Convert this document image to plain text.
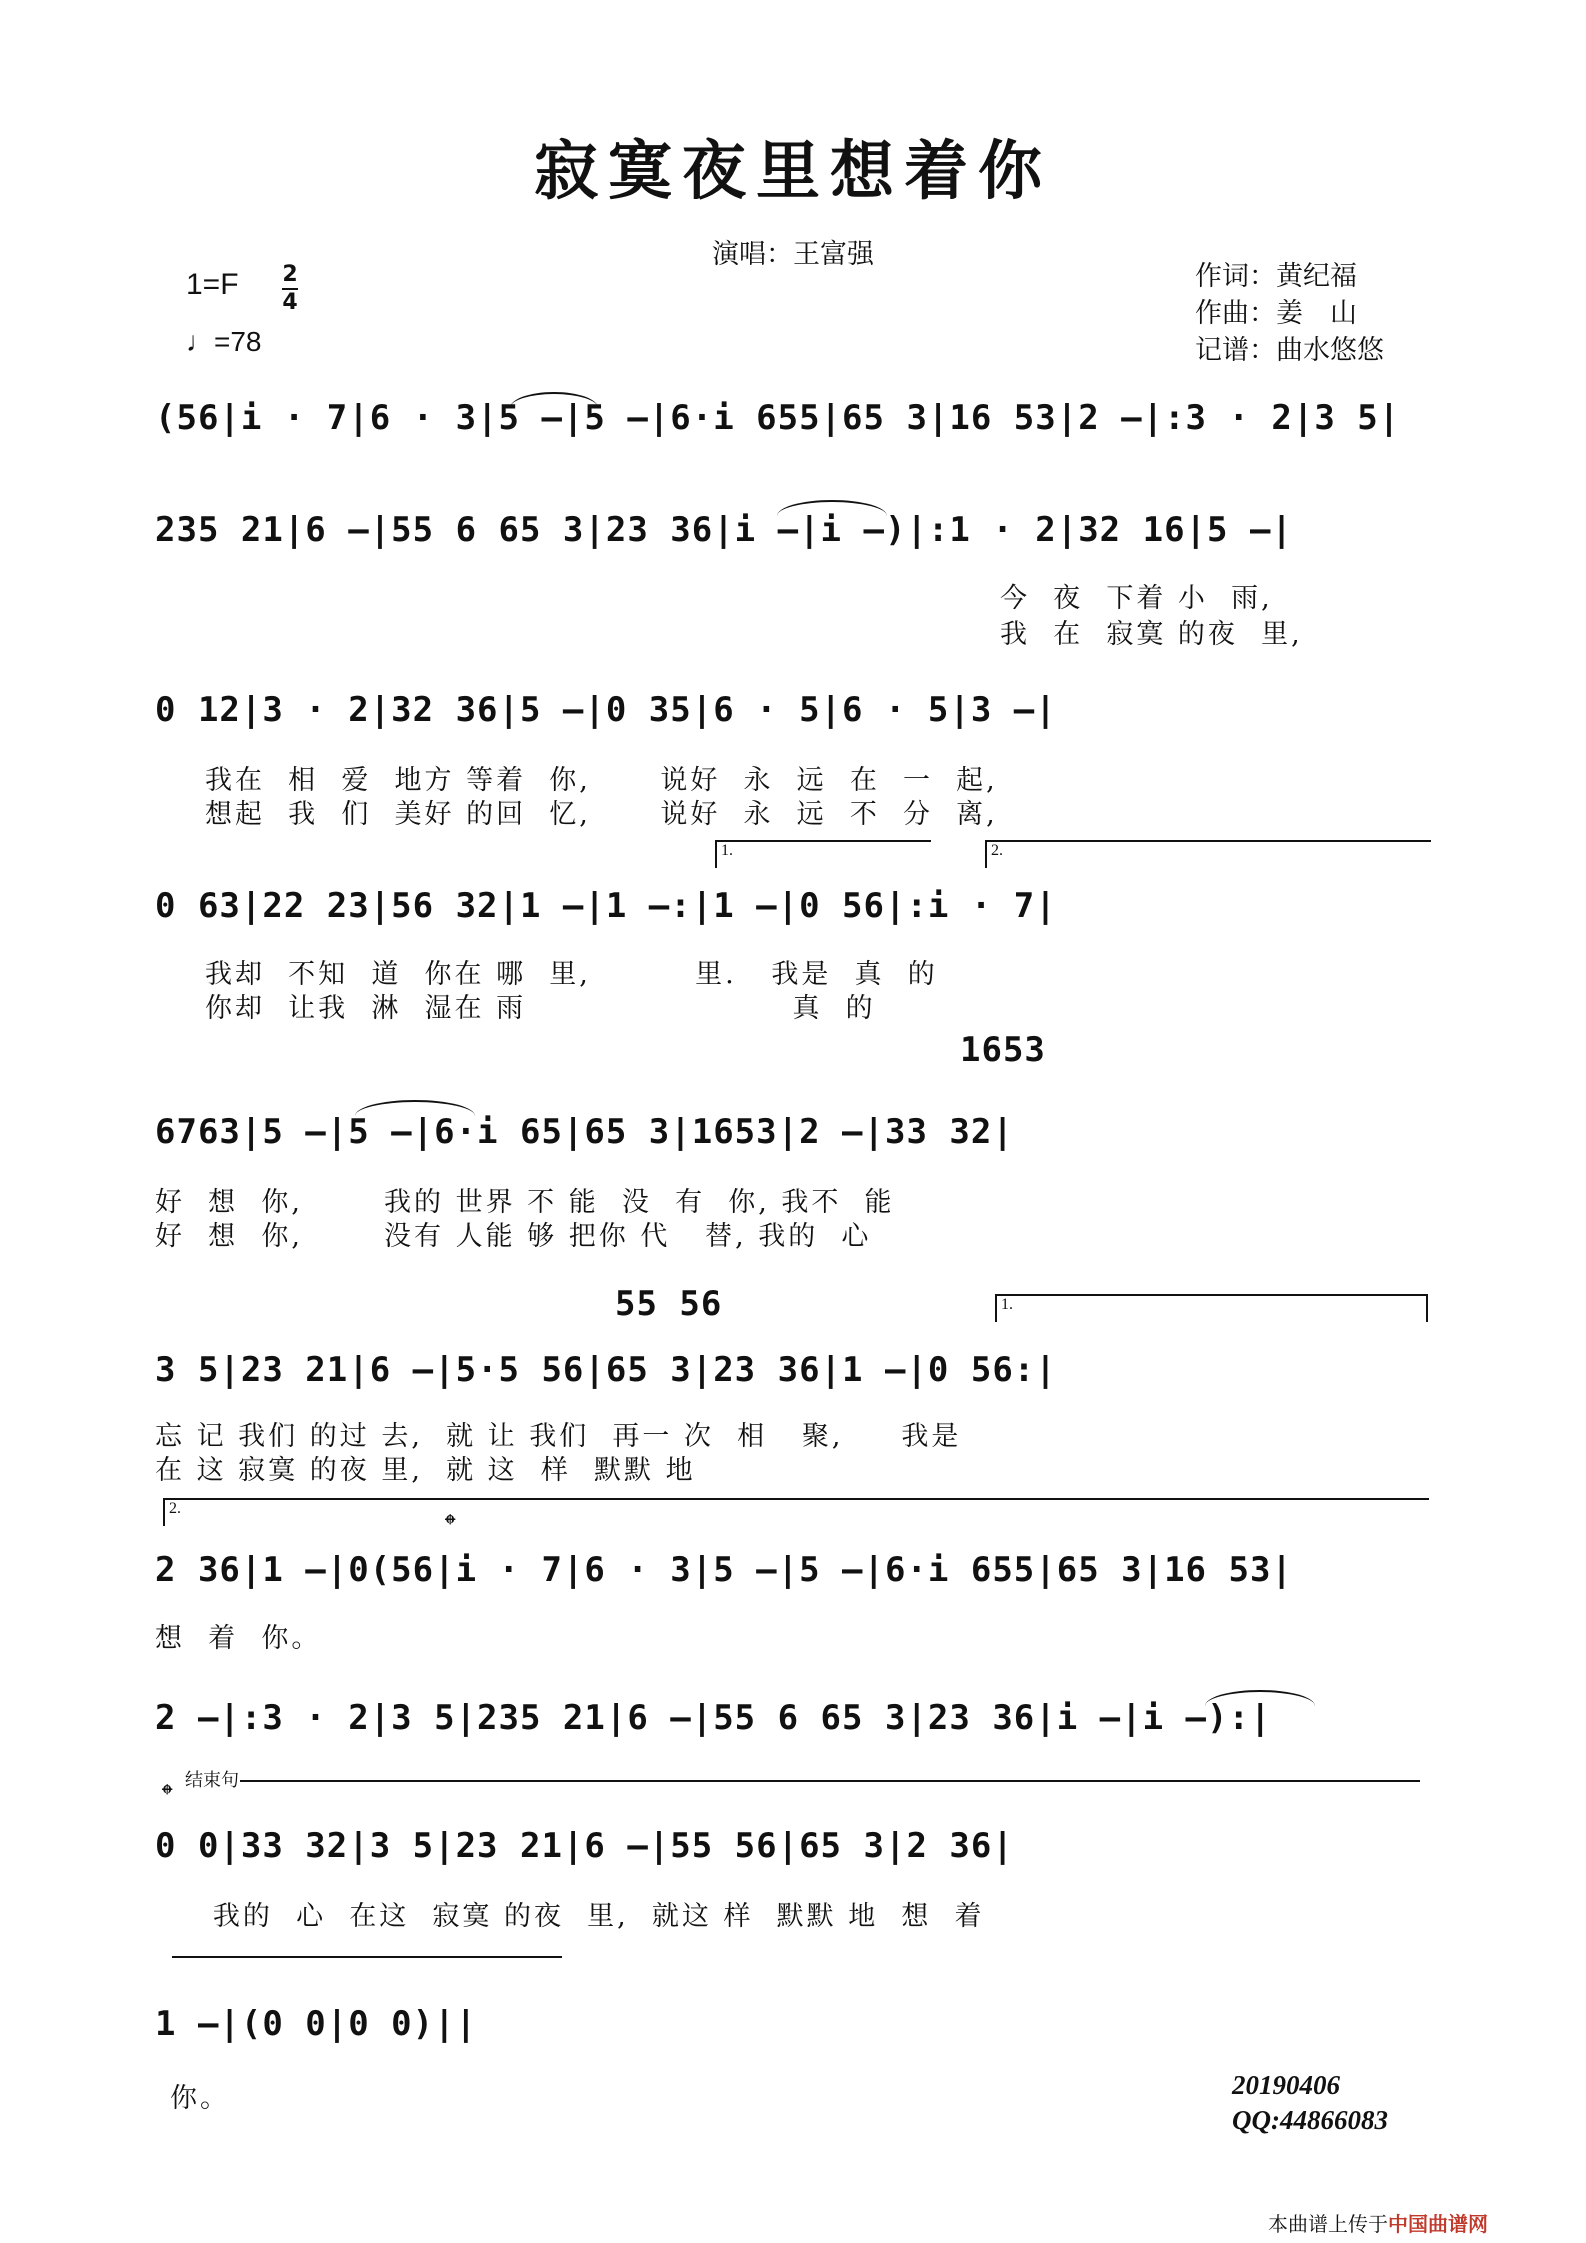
寂寞夜里想着你
演唱：王富强
作词：黄纪福
作曲：姜　山
记谱：曲水悠悠
1=F 2
4
♩=78
(56|i · 7|6 · 3|5 –|5 –|6·i 655|65 3|16 53|2 –|:3 · 2|3 5|
235 21|6 –|55 6 65 3|23 36|i –|i –)|:1 · 2|32 16|5 –|
今  夜  下着 小  雨,
我  在  寂寞 的夜  里,
0 12|3 · 2|32 36|5 –|0 35|6 · 5|6 · 5|3 –|
我在  相  爱  地方 等着  你,      说好  永  远  在  一  起,
想起  我  们  美好 的回  忆,      说好  永  远  不  分  离,
1.	2.
0 63|22 23|56 32|1 –|1 –:|1 –|0 56|:i · 7|
我却  不知  道  你在 哪  里,         里.   我是  真  的
你却  让我  淋  湿在 雨                       真  的
1653
6763|5 –|5 –|6·i 65|65 3|1653|2 –|33 32|
好  想  你,       我的 世界 不 能  没  有  你, 我不  能
好  想  你,       没有 人能 够 把你 代   替, 我的  心
1.
55 56
3 5|23 21|6 –|5·5 56|65 3|23 36|1 –|0 56:|
忘 记 我们 的过 去,  就 让 我们  再一 次  相   聚,     我是
在 这 寂寞 的夜 里,  就 这  样  默默 地
2.	𝄌
2 36|1 –|0(56|i · 7|6 · 3|5 –|5 –|6·i 655|65 3|16 53|
想  着  你。
2 –|:3 · 2|3 5|235 21|6 –|55 6 65 3|23 36|i –|i –):|
结束句
𝄌
0 0|33 32|3 5|23 21|6 –|55 56|65 3|2 36|
我的  心  在这  寂寞 的夜  里,  就这 样  默默 地  想  着
1 –|(0 0|0 0)||
你。	20190406
QQ:44866083
本曲谱上传于中国曲谱网
